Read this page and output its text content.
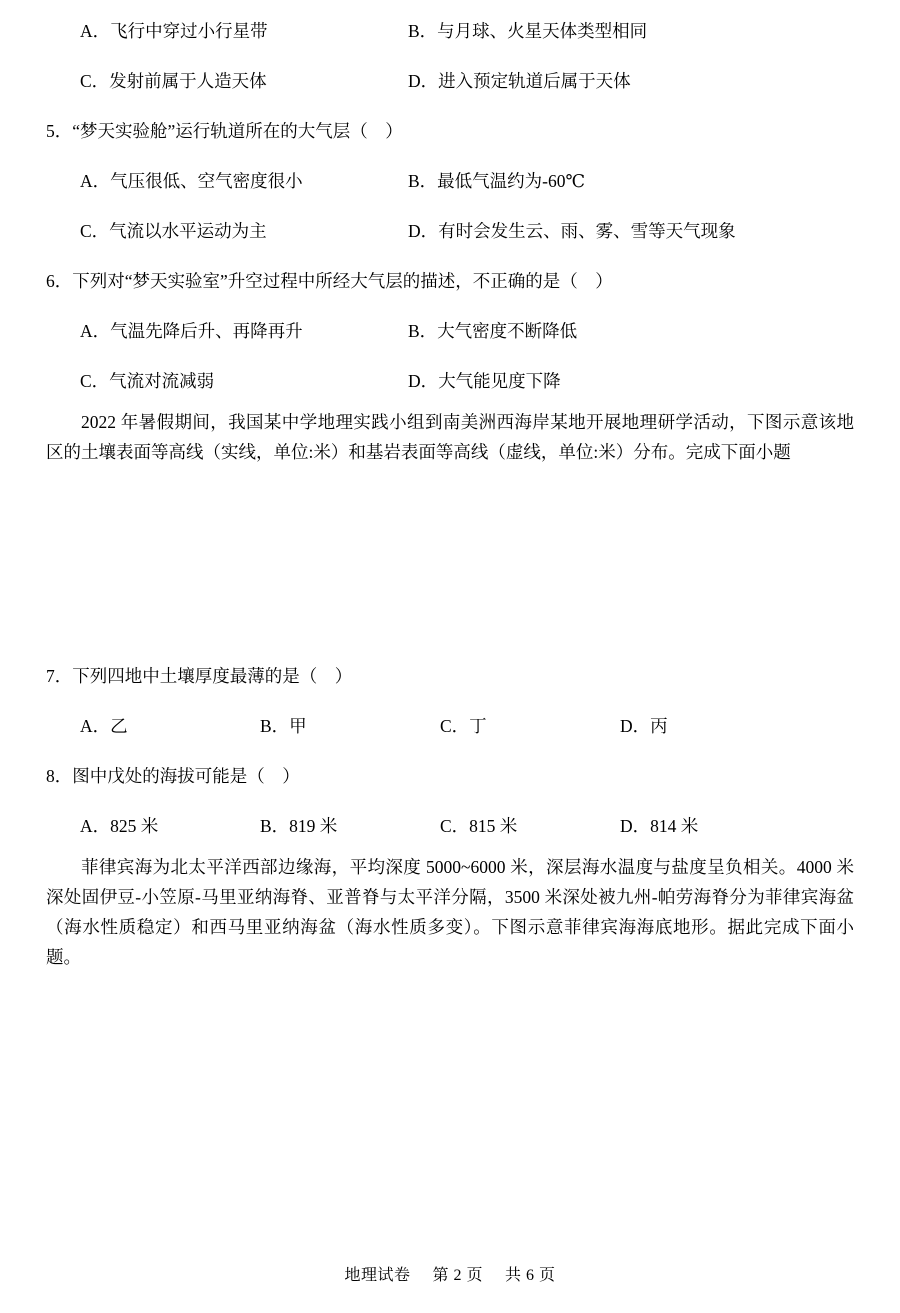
A．飞行中穿过小行星带	B．与月球、火星天体类型相同
C．发射前属于人造天体	D．进入预定轨道后属于天体
5．“梦天实验舱”运行轨道所在的大气层（　）
A．气压很低、空气密度很小	B．最低气温约为-60℃
C．气流以水平运动为主	D．有时会发生云、雨、雾、雪等天气现象
6．下列对“梦天实验室”升空过程中所经大气层的描述，不正确的是（　）
A．气温先降后升、再降再升	B．大气密度不断降低
C．气流对流减弱	D．大气能见度下降
2022 年暑假期间，我国某中学地理实践小组到南美洲西海岸某地开展地理研学活动，下图示意该地区的土壤表面等高线（实线，单位:米）和基岩表面等高线（虚线，单位:米）分布。完成下面小题
7．下列四地中土壤厚度最薄的是（　）
A．乙	B．甲	C．丁	D．丙
8．图中戊处的海拔可能是（　）
A．825 米	B．819 米	C．815 米	D．814 米
菲律宾海为北太平洋西部边缘海，平均深度 5000~6000 米，深层海水温度与盐度呈负相关。4000 米深处固伊豆-小笠原-马里亚纳海脊、亚普脊与太平洋分隔，3500 米深处被九州-帕劳海脊分为菲律宾海盆（海水性质稳定）和西马里亚纳海盆（海水性质多变）。下图示意菲律宾海海底地形。据此完成下面小题。
地理试卷 第 2 页 共 6 页
